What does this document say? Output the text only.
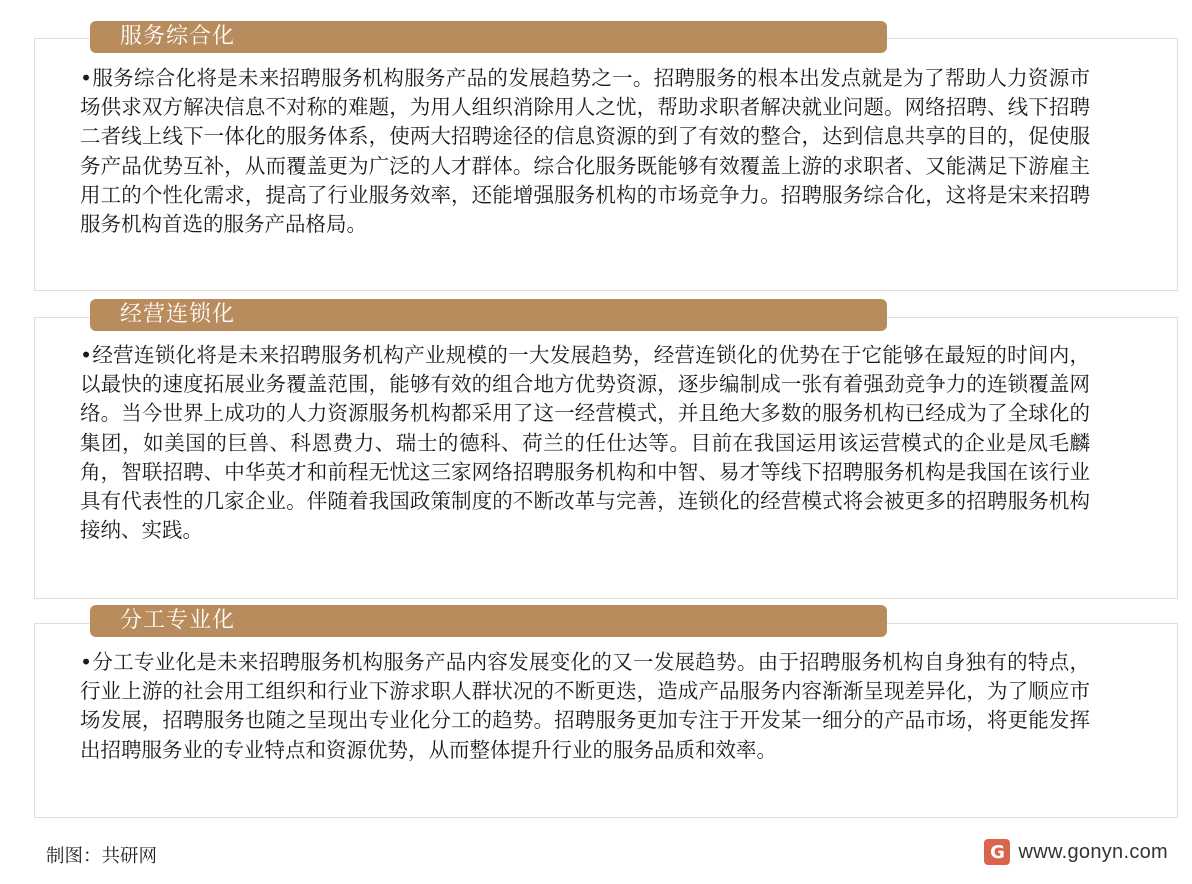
服务综合化
•服务综合化将是未来招聘服务机构服务产品的发展趋势之一。招聘服务的根本出发点就是为了帮助人力资源市场供求双方解决信息不对称的难题，为用人组织消除用人之忧，帮助求职者解决就业问题。网络招聘、线下招聘二者线上线下一体化的服务体系，使两大招聘途径的信息资源的到了有效的整合，达到信息共享的目的，促使服务产品优势互补，从而覆盖更为广泛的人才群体。综合化服务既能够有效覆盖上游的求职者、又能满足下游雇主用工的个性化需求，提高了行业服务效率，还能增强服务机构的市场竞争力。招聘服务综合化，这将是宋来招聘服务机构首选的服务产品格局。
经营连锁化
•经营连锁化将是未来招聘服务机构产业规模的一大发展趋势，经营连锁化的优势在于它能够在最短的时间内，以最快的速度拓展业务覆盖范围，能够有效的组合地方优势资源，逐步编制成一张有着强劲竞争力的连锁覆盖网络。当今世界上成功的人力资源服务机构都采用了这一经营模式，并且绝大多数的服务机构已经成为了全球化的集团，如美国的巨兽、科恩费力、瑞士的德科、荷兰的任仕达等。目前在我国运用该运营模式的企业是凤毛麟角，智联招聘、中华英才和前程无忧这三家网络招聘服务机构和中智、易才等线下招聘服务机构是我国在该行业具有代表性的几家企业。伴随着我国政策制度的不断改革与完善，连锁化的经营模式将会被更多的招聘服务机构接纳、实践。
分工专业化
•分工专业化是未来招聘服务机构服务产品内容发展变化的又一发展趋势。由于招聘服务机构自身独有的特点，行业上游的社会用工组织和行业下游求职人群状况的不断更迭，造成产品服务内容渐渐呈现差异化，为了顺应市场发展，招聘服务也随之呈现出专业化分工的趋势。招聘服务更加专注于开发某一细分的产品市场，将更能发挥出招聘服务业的专业特点和资源优势，从而整体提升行业的服务品质和效率。
制图：共研网	G www.gonyn.com
